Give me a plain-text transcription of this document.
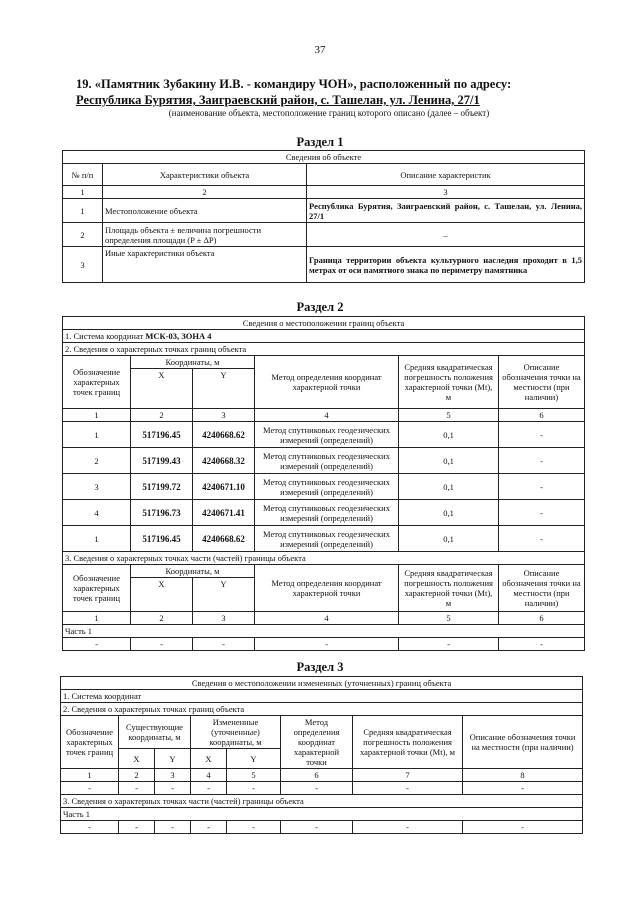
37
19. «Памятник Зубакину И.В. - командиру ЧОН», расположенный по адресу:
Республика Бурятия, Заиграевский район, с. Ташелан, ул. Ленина, 27/1
(наименование объекта, местоположение границ которого описано (далее – объект)
Раздел 1
Сведения об объекте		
№ п/п	Характеристики объекта	Описание характеристик
1	2	3
1	Местоположение объекта	Республика Бурятия, Заиграевский район, с. Ташелан, ул. Ленина, 27/1
2	Площадь объекта ± величина погрешности определения площади (P ± ΔP)	–
3	Иные характеристики объекта	Граница территории объекта культурного наследия проходит в 1,5 метрах от оси памятного знака по периметру памятника
Раздел 2
Сведения о местоположении границ объекта					
1. Система координат МСК-03, ЗОНА 4					
2. Сведения о характерных точках границ объекта					
Обозначение характерных точек границ	Координаты, м		Метод определения координат характерной точки	Средняя квадратическая погрешность положения характерной точки (Mt), м	Описание обозначения точки на местности (при наличии)
	X	Y			
1	2	3	4	5	6
1	517196.45	4240668.62	Метод спутниковых геодезических измерений (определений)	0,1	-
2	517199.43	4240668.32	Метод спутниковых геодезических измерений (определений)	0,1	-
3	517199.72	4240671.10	Метод спутниковых геодезических измерений (определений)	0,1	-
4	517196.73	4240671.41	Метод спутниковых геодезических измерений (определений)	0,1	-
1	517196.45	4240668.62	Метод спутниковых геодезических измерений (определений)	0,1	-
3. Сведения о характерных точках части (частей) границы объекта					
Обозначение характерных точек границ	Координаты, м		Метод определения координат характерной точки	Средняя квадратическая погрешность положения характерной точки (Mt), м	Описание обозначения точки на местности (при наличии)
	X	Y			
1	2	3	4	5	6
Часть 1					
-	-	-	-	-	-
Раздел 3
Сведения о местоположении измененных (уточненных) границ объекта							
1. Система координат							
2. Сведения о характерных точках границ объекта							
Обозначение характерных точек границ	Существующие координаты, м		Измененные (уточненные) координаты, м		Метод определения координат характерной точки	Средняя квадратическая погрешность положения характерной точки (Mt), м	Описание обозначения точки на местности (при наличии)
	X	Y	X	Y			
1	2	3	4	5	6	7	8
-	-	-	-	-	-	-	-
3. Сведения о характерных точках части (частей) границы объекта							
Часть 1							
-	-	-	-	-	-	-	-
